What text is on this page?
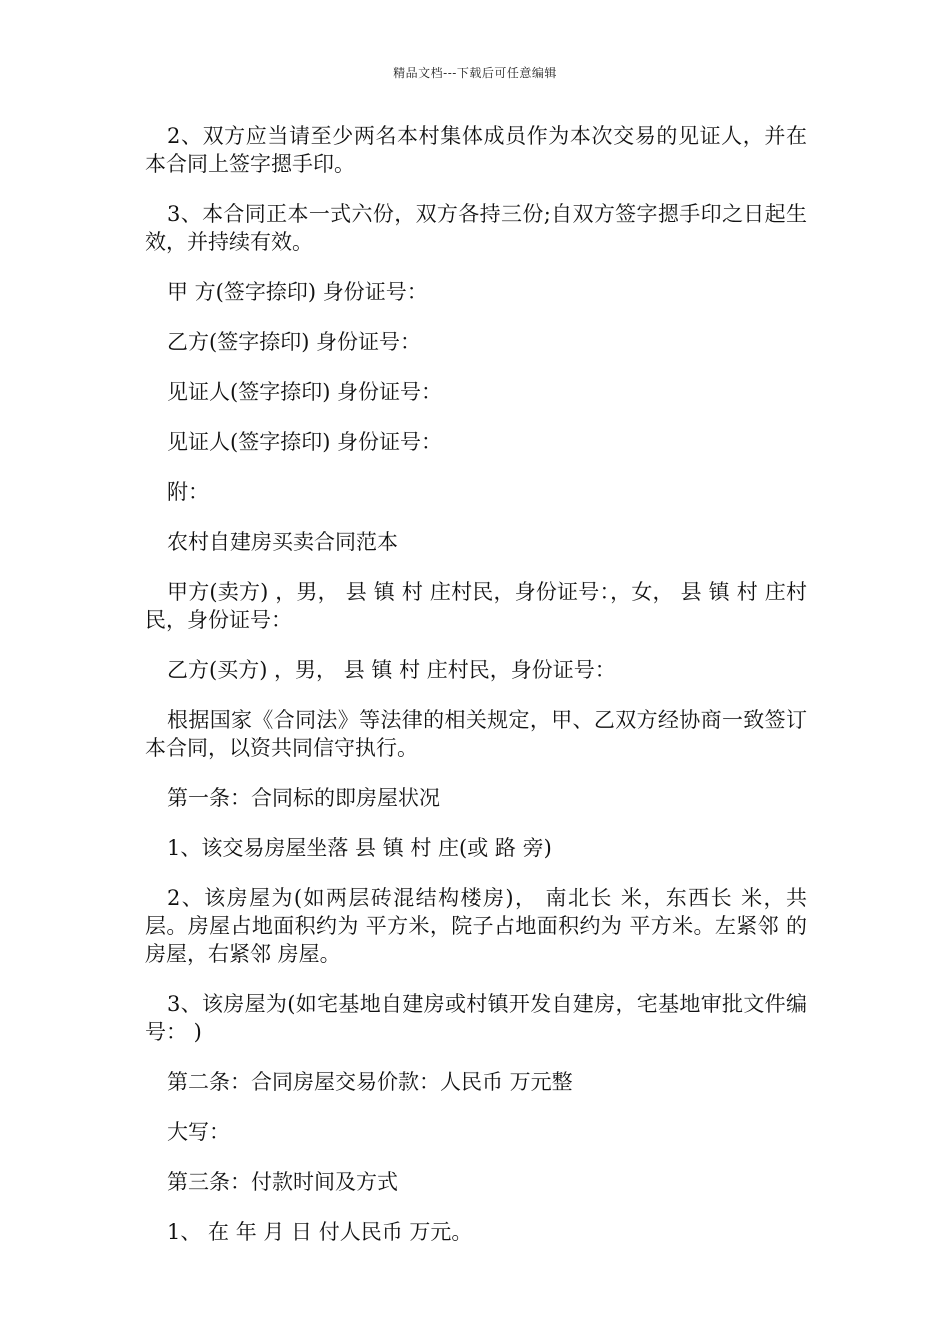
精品文档---下载后可任意编辑

2、双方应当请至少两名本村集体成员作为本次交易的见证人，并在本合同上签字摁手印。

3、本合同正本一式六份，双方各持三份;自双方签字摁手印之日起生效，并持续有效。

甲 方(签字捺印) 身份证号：

乙方(签字捺印) 身份证号：

见证人(签字捺印) 身份证号：

见证人(签字捺印) 身份证号：

附：

农村自建房买卖合同范本

甲方(卖方) ，男， 县 镇 村 庄村民，身份证号：，女， 县 镇 村 庄村民，身份证号：

乙方(买方) ，男， 县 镇 村 庄村民，身份证号：

根据国家《合同法》等法律的相关规定，甲、乙双方经协商一致签订本合同，以资共同信守执行。

第一条：合同标的即房屋状况

1、该交易房屋坐落 县 镇 村 庄(或 路 旁)

2、该房屋为(如两层砖混结构楼房)， 南北长 米，东西长 米，共 层。房屋占地面积约为 平方米，院子占地面积约为 平方米。左紧邻 的房屋，右紧邻 房屋。

3、该房屋为(如宅基地自建房或村镇开发自建房，宅基地审批文件编号： )

第二条：合同房屋交易价款：人民币 万元整

大写：

第三条：付款时间及方式

1、 在 年 月 日 付人民币 万元。
